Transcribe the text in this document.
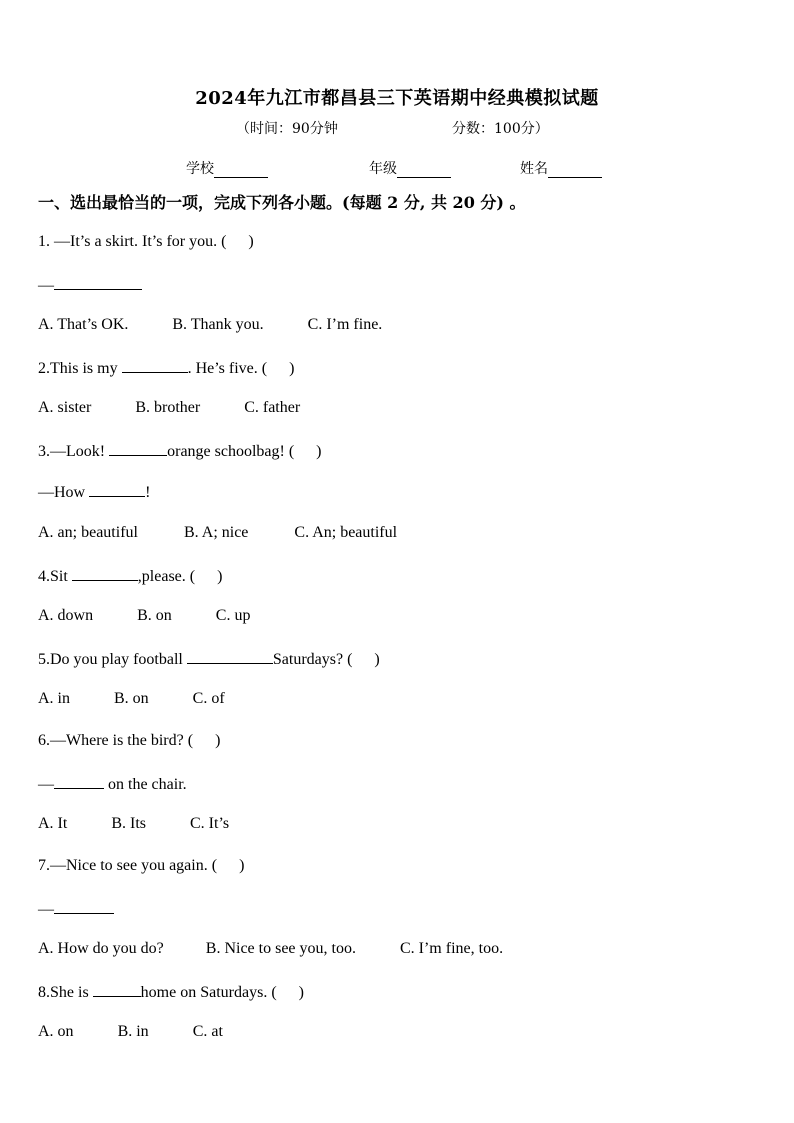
2024年九江市都昌县三下英语期中经典模拟试题
（时间：90分钟	分数：100分）
学校	年级	姓名
一、选出最恰当的一项，完成下列各小题。(每题 2 分, 共 20 分) 。
1. —It’s a skirt. It’s for you. ( )
—
A. That’s OK.	B. Thank you.	C. I’m fine.
2.This is my	. He’s five. ( )
A. sister	B. brother	C. father
3.—Look!	orange schoolbag! ( )
—How	!
A. an; beautiful	B. A; nice	C. An; beautiful
4.Sit	,please. ( )
A. down	B. on	C. up
5.Do you play football	Saturdays? ( )
A. in	B. on	C. of
6.—Where is the bird? ( )
—	on the chair.
A. It	B. Its	C. It’s
7.—Nice to see you again. ( )
—
A. How do you do?	B. Nice to see you, too.	C. I’m fine, too.
8.She is	home on Saturdays. ( )
A. on	B. in	C. at
